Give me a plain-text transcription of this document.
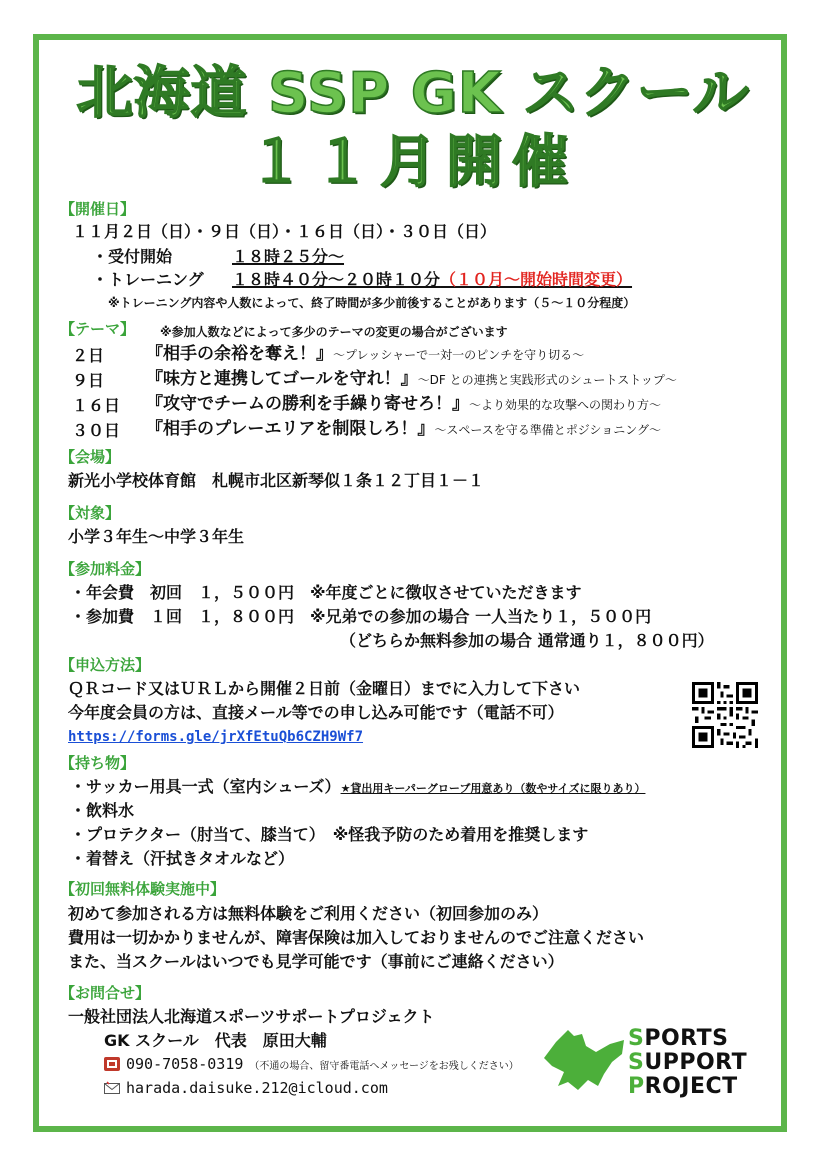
北海道 SSP GK スクール
１１月開催
【開催日】
１１月２日（日）・９日（日）・１６日（日）・３０日（日）
・受付開始	１８時２５分～
・トレーニング １８時４０分～２０時１０分（１０月～開始時間変更）
※トレーニング内容や人数によって、終了時間が多少前後することがあります（５～１０分程度）
【テーマ】 ※参加人数などによって多少のテーマの変更の場合がございます
２日 『相手の余裕を奪え！』～プレッシャーで一対一のピンチを守り切る～
９日 『味方と連携してゴールを守れ！』～DF との連携と実践形式のシュートストップ～
１６日 『攻守でチームの勝利を手繰り寄せろ！』～より効果的な攻撃への関わり方～
３０日 『相手のプレーエリアを制限しろ！』～スペースを守る準備とポジショニング～
【会場】
新光小学校体育館　札幌市北区新琴似１条１２丁目１－１
【対象】
小学３年生～中学３年生
【参加料金】
・年会費　初回　１，５００円　※年度ごとに徴収させていただきます
・参加費　１回　１，８００円　※兄弟での参加の場合 一人当たり１，５００円
（どちらか無料参加の場合 通常通り１，８００円）
【申込方法】
ＱＲコード又はＵＲＬから開催２日前（金曜日）までに入力して下さい
今年度会員の方は、直接メール等での申し込み可能です（電話不可）
https://forms.gle/jrXfEtuQb6CZH9Wf7
【持ち物】
・サッカー用具一式（室内シューズ）★貸出用キーパーグローブ用意あり（数やサイズに限りあり）
・飲料水
・プロテクター（肘当て、膝当て）　※怪我予防のため着用を推奨します
・着替え（汗拭きタオルなど）
【初回無料体験実施中】
初めて参加される方は無料体験をご利用ください（初回参加のみ）
費用は一切かかりませんが、障害保険は加入しておりませんのでご注意ください
また、当スクールはいつでも見学可能です（事前にご連絡ください）
【お問合せ】
一般社団法人北海道スポーツサポートプロジェクト
GK スクール　代表　原田大輔
090-7058-0319 （不通の場合、留守番電話へメッセージをお残しください）
harada.daisuke.212@icloud.com
SPORTS
SUPPORT
PROJECT
